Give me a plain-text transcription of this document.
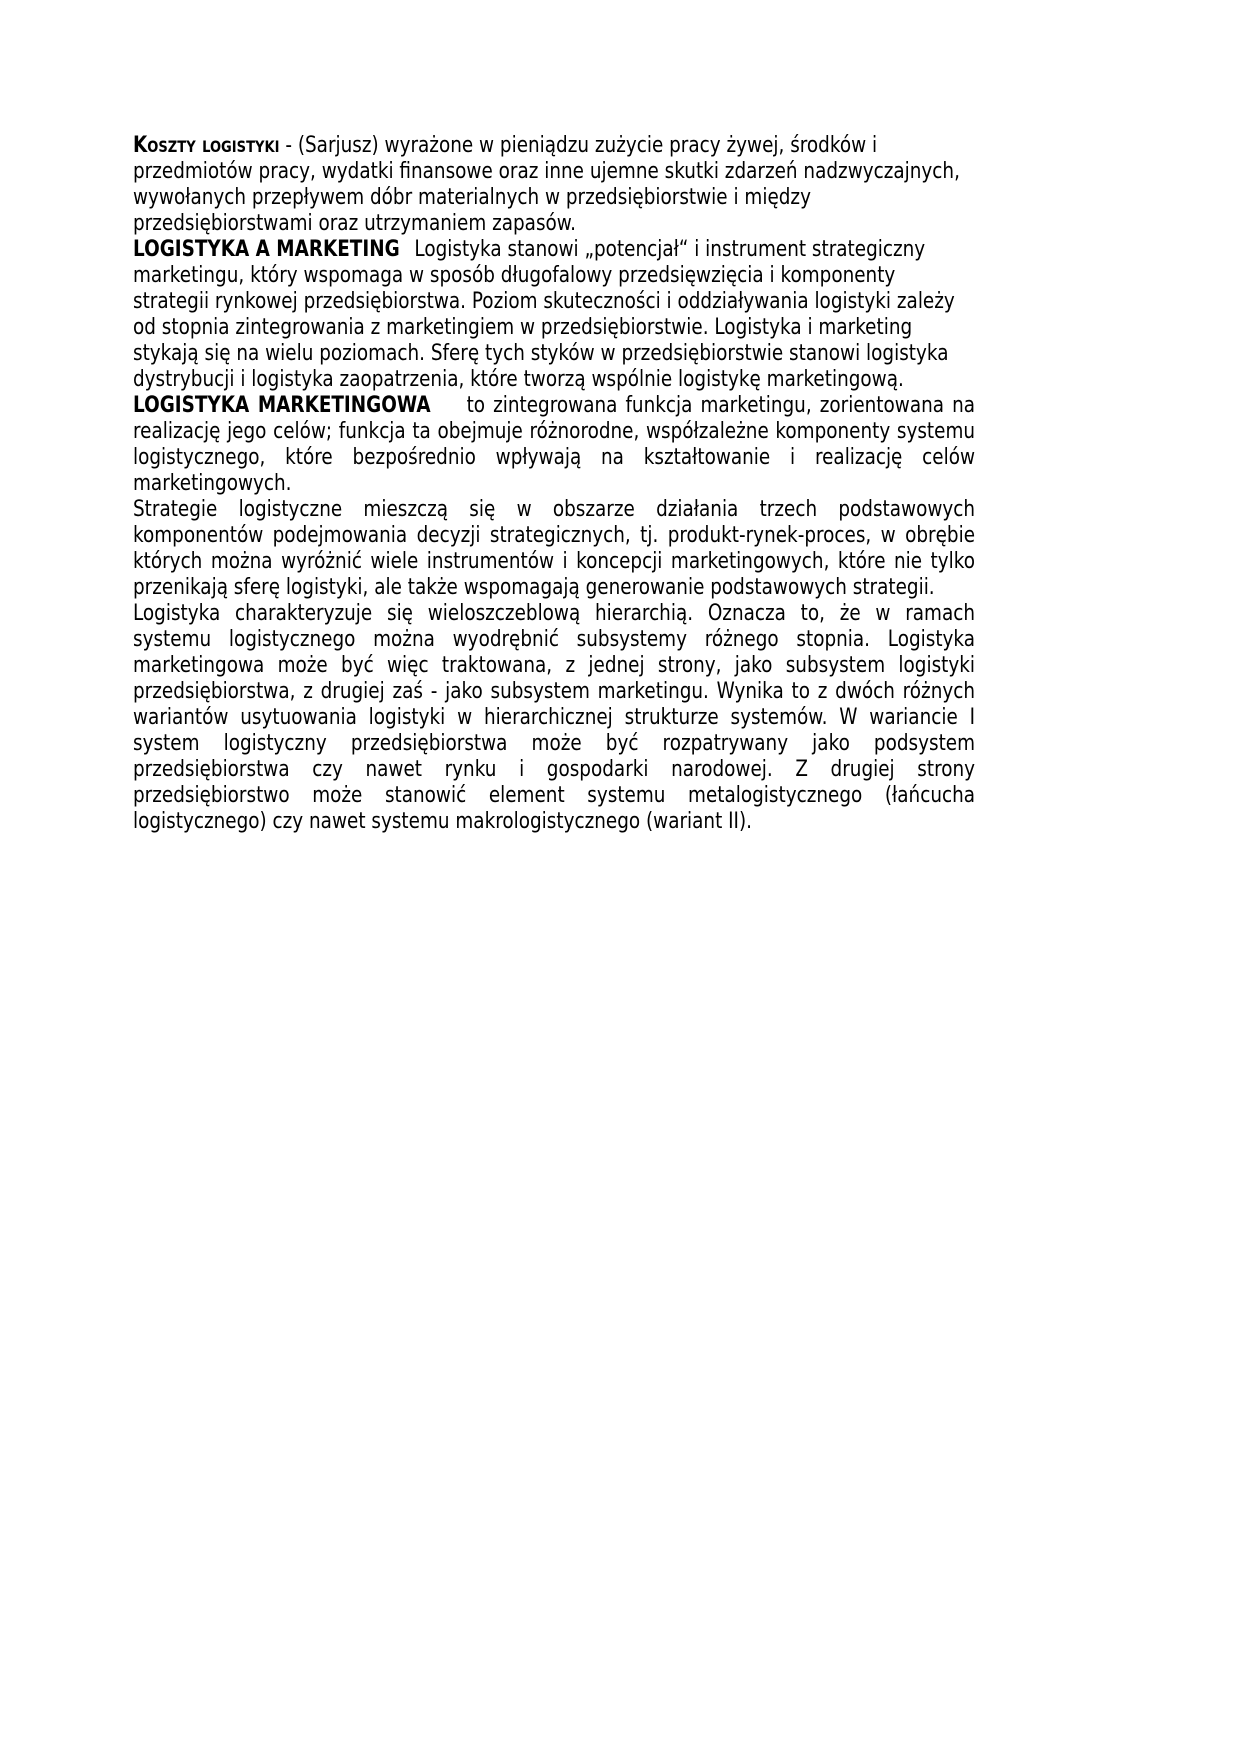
Koszty logistyki - (Sarjusz) wyrażone w pieniądzu zużycie pracy żywej, środków i przedmiotów pracy, wydatki finansowe oraz inne ujemne skutki zdarzeń nadzwyczajnych, wywołanych przepływem dóbr materialnych w przedsiębiorstwie i między przedsiębiorstwami oraz utrzymaniem zapasów.

LOGISTYKA A MARKETING Logistyka stanowi „potencjał“ i instrument strategiczny marketingu, który wspomaga w sposób długofalowy przedsięwzięcia i komponenty strategii rynkowej przedsiębiorstwa. Poziom skuteczności i oddziaływania logistyki zależy od stopnia zintegrowania z marketingiem w przedsiębiorstwie. Logistyka i marketing stykają się na wielu poziomach. Sferę tych styków w przedsiębiorstwie stanowi logistyka dystrybucji i logistyka zaopatrzenia, które tworzą wspólnie logistykę marketingową.

LOGISTYKA MARKETINGOWA to zintegrowana funkcja marketingu, zorientowana na realizację jego celów; funkcja ta obejmuje różnorodne, współzależne komponenty systemu logistycznego, które bezpośrednio wpływają na kształtowanie i realizację celów marketingowych.

Strategie logistyczne mieszczą się w obszarze działania trzech podstawowych komponentów podejmowania decyzji strategicznych, tj. produkt-rynek-proces, w obrębie których można wyróżnić wiele instrumentów i koncepcji marketingowych, które nie tylko przenikają sferę logistyki, ale także wspomagają generowanie podstawowych strategii.

Logistyka charakteryzuje się wieloszczeblową hierarchią. Oznacza to, że w ramach systemu logistycznego można wyodrębnić subsystemy różnego stopnia. Logistyka marketingowa może być więc traktowana, z jednej strony, jako subsystem logistyki przedsiębiorstwa, z drugiej zaś - jako subsystem marketingu. Wynika to z dwóch różnych wariantów usytuowania logistyki w hierarchicznej strukturze systemów. W wariancie I system logistyczny przedsiębiorstwa może być rozpatrywany jako podsystem przedsiębiorstwa czy nawet rynku i gospodarki narodowej. Z drugiej strony przedsiębiorstwo może stanowić element systemu metalogistycznego (łańcucha logistycznego) czy nawet systemu makrologistycznego (wariant II).
